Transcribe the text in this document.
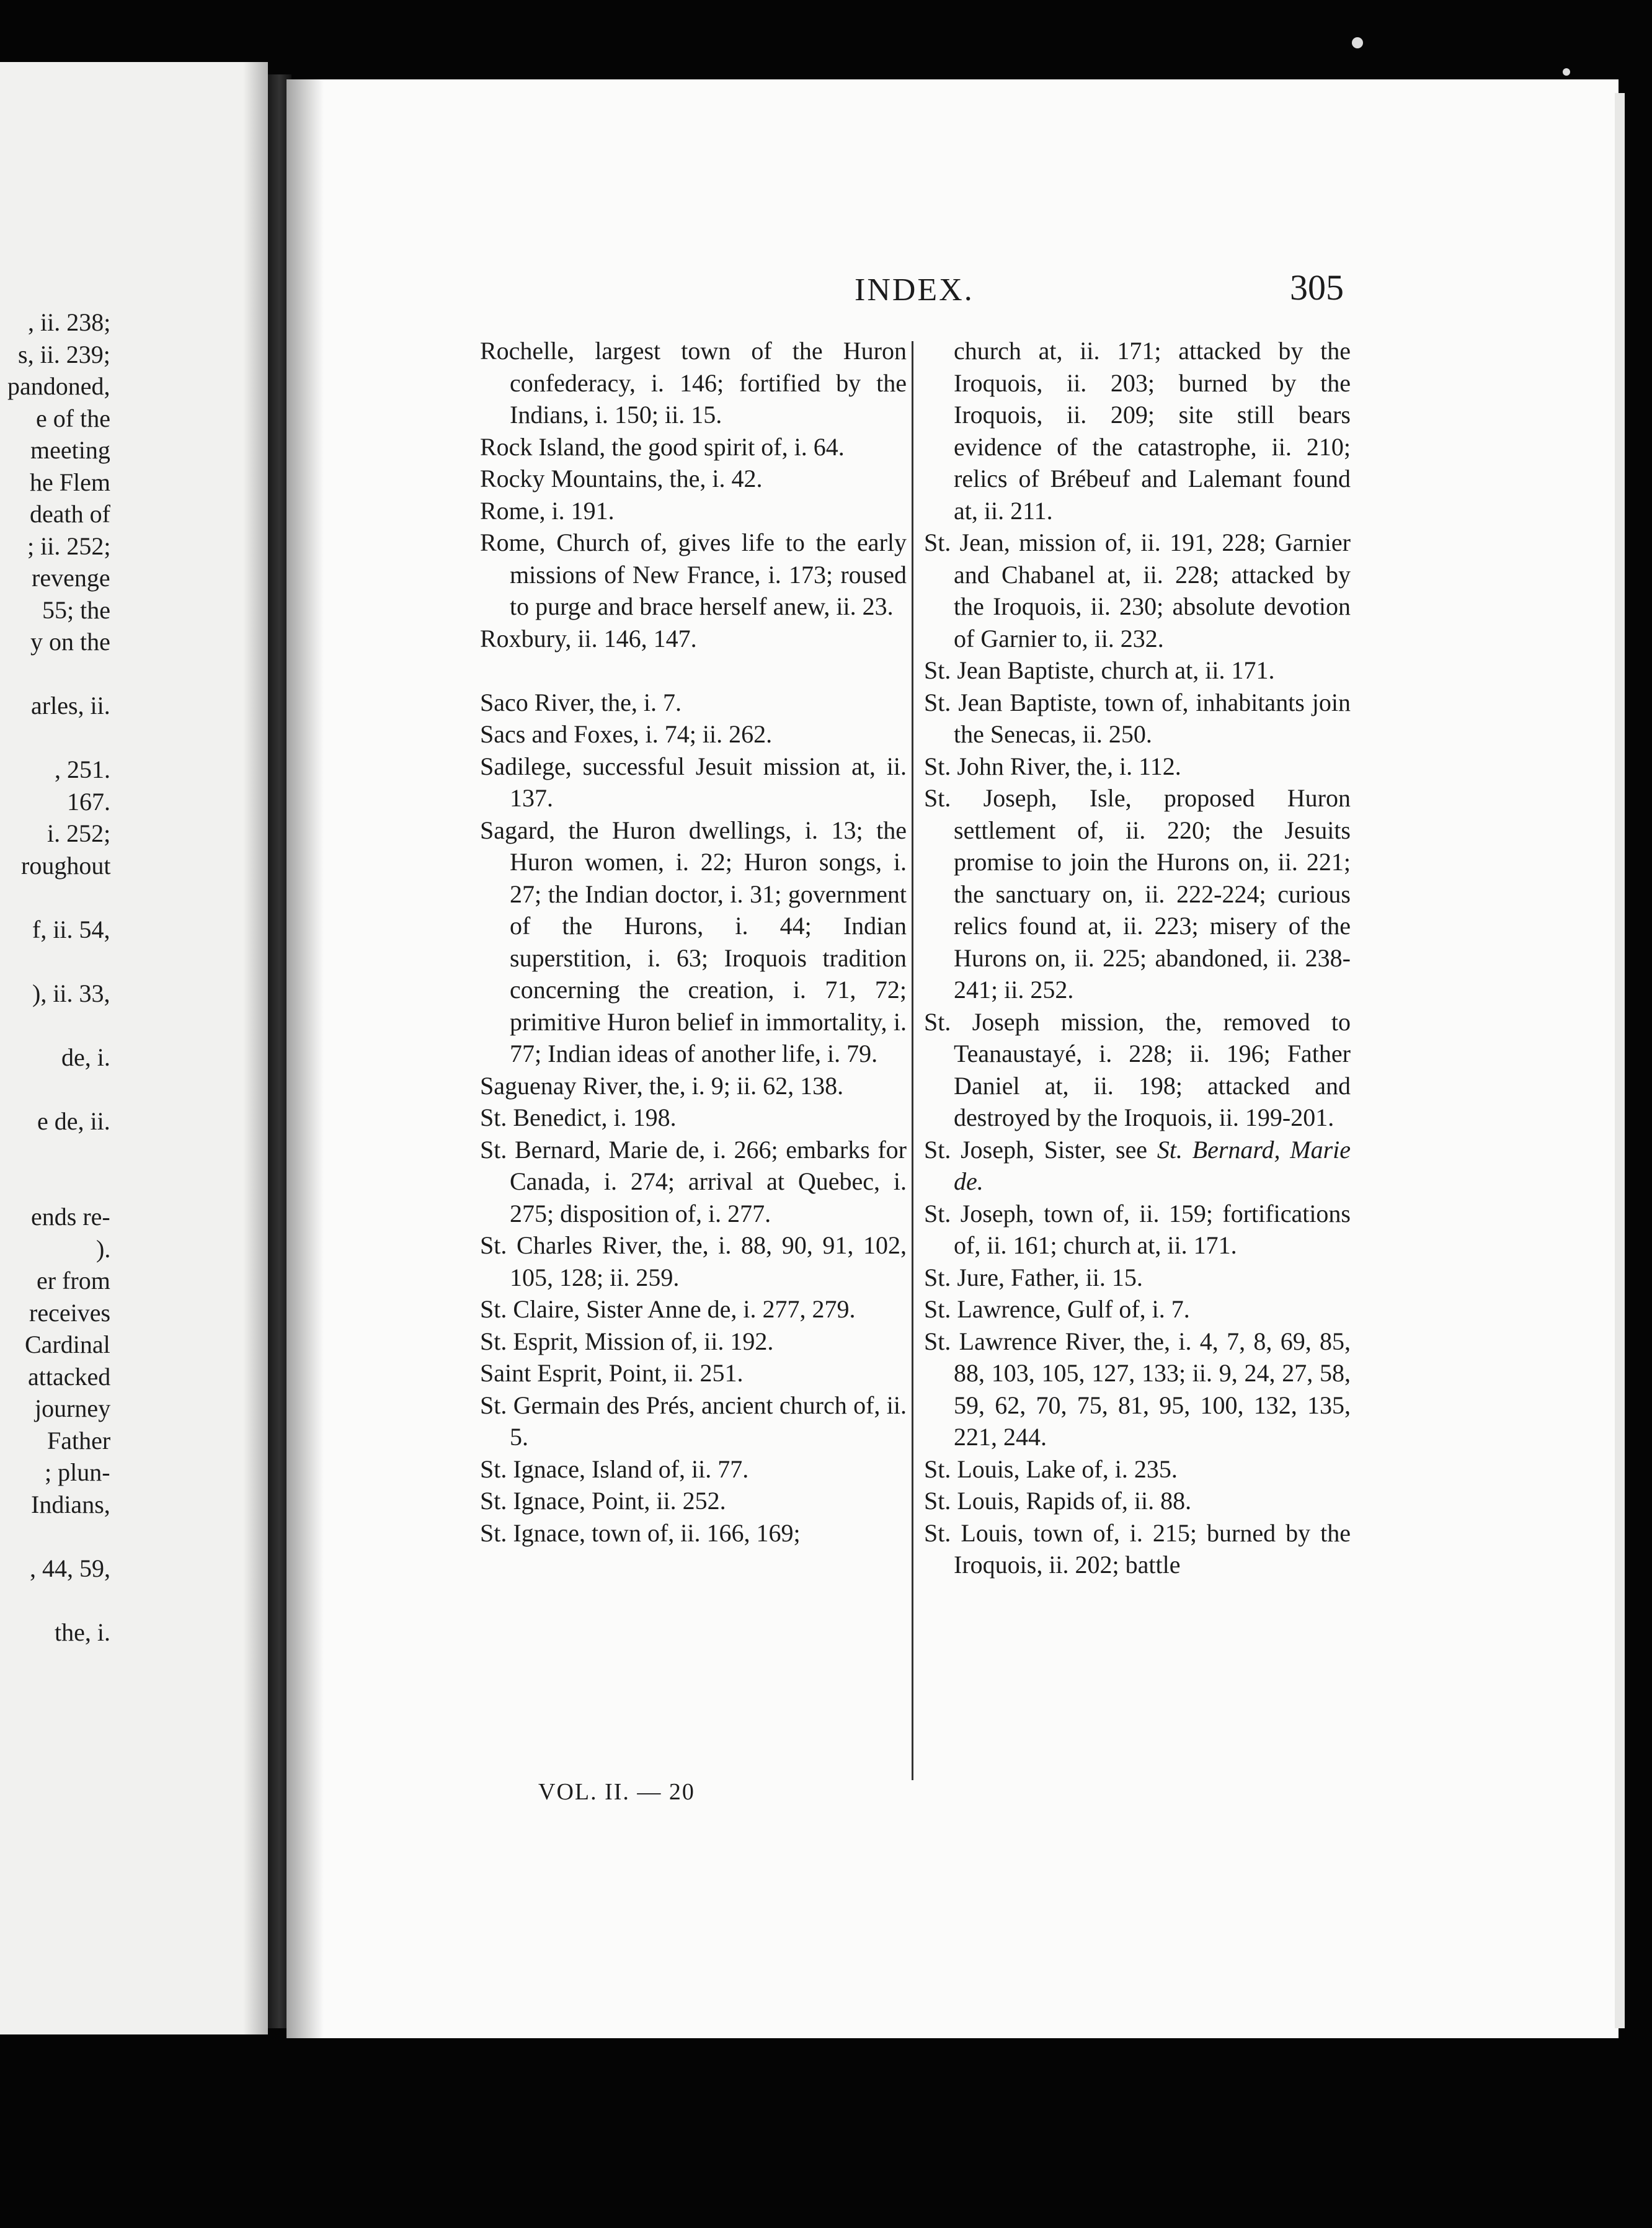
, ii. 238;
s, ii. 239;
pandoned,
e of the
meeting
he Flem
death of
; ii. 252;
revenge
55; the
y on the
arles, ii.
, 251.
167.
i. 252;
roughout
f, ii. 54,
), ii. 33,
de, i.
e de, ii.
ends re-
).
er from
receives
Cardinal
attacked
journey
Father
; plun-
Indians,
, 44, 59,
the, i.
INDEX.	305

Rochelle, largest town of the Huron confederacy, i. 146; fortified by the Indians, i. 150; ii. 15.

Rock Island, the good spirit of, i. 64.

Rocky Mountains, the, i. 42.

Rome, i. 191.

Rome, Church of, gives life to the early missions of New France, i. 173; roused to purge and brace herself anew, ii. 23.

Roxbury, ii. 146, 147.

Saco River, the, i. 7.

Sacs and Foxes, i. 74; ii. 262.

Sadilege, successful Jesuit mission at, ii. 137.

Sagard, the Huron dwellings, i. 13; the Huron women, i. 22; Huron songs, i. 27; the Indian doctor, i. 31; government of the Hurons, i. 44; Indian superstition, i. 63; Iroquois tradition concerning the creation, i. 71, 72; primitive Huron belief in immortality, i. 77; Indian ideas of another life, i. 79.

Saguenay River, the, i. 9; ii. 62, 138.

St. Benedict, i. 198.

St. Bernard, Marie de, i. 266; embarks for Canada, i. 274; arrival at Quebec, i. 275; disposition of, i. 277.

St. Charles River, the, i. 88, 90, 91, 102, 105, 128; ii. 259.

St. Claire, Sister Anne de, i. 277, 279.

St. Esprit, Mission of, ii. 192.

Saint Esprit, Point, ii. 251.

St. Germain des Prés, ancient church of, ii. 5.

St. Ignace, Island of, ii. 77.

St. Ignace, Point, ii. 252.

St. Ignace, town of, ii. 166, 169;

church at, ii. 171; attacked by the Iroquois, ii. 203; burned by the Iroquois, ii. 209; site still bears evidence of the catastrophe, ii. 210; relics of Brébeuf and Lalemant found at, ii. 211.

St. Jean, mission of, ii. 191, 228; Garnier and Chabanel at, ii. 228; attacked by the Iroquois, ii. 230; absolute devotion of Garnier to, ii. 232.

St. Jean Baptiste, church at, ii. 171.

St. Jean Baptiste, town of, inhabitants join the Senecas, ii. 250.

St. John River, the, i. 112.

St. Joseph, Isle, proposed Huron settlement of, ii. 220; the Jesuits promise to join the Hurons on, ii. 221; the sanctuary on, ii. 222-224; curious relics found at, ii. 223; misery of the Hurons on, ii. 225; abandoned, ii. 238-241; ii. 252.

St. Joseph mission, the, removed to Teanaustayé, i. 228; ii. 196; Father Daniel at, ii. 198; attacked and destroyed by the Iroquois, ii. 199-201.

St. Joseph, Sister, see St. Bernard, Marie de.

St. Joseph, town of, ii. 159; fortifications of, ii. 161; church at, ii. 171.

St. Jure, Father, ii. 15.

St. Lawrence, Gulf of, i. 7.

St. Lawrence River, the, i. 4, 7, 8, 69, 85, 88, 103, 105, 127, 133; ii. 9, 24, 27, 58, 59, 62, 70, 75, 81, 95, 100, 132, 135, 221, 244.

St. Louis, Lake of, i. 235.

St. Louis, Rapids of, ii. 88.

St. Louis, town of, i. 215; burned by the Iroquois, ii. 202; battle

VOL. II. — 20
